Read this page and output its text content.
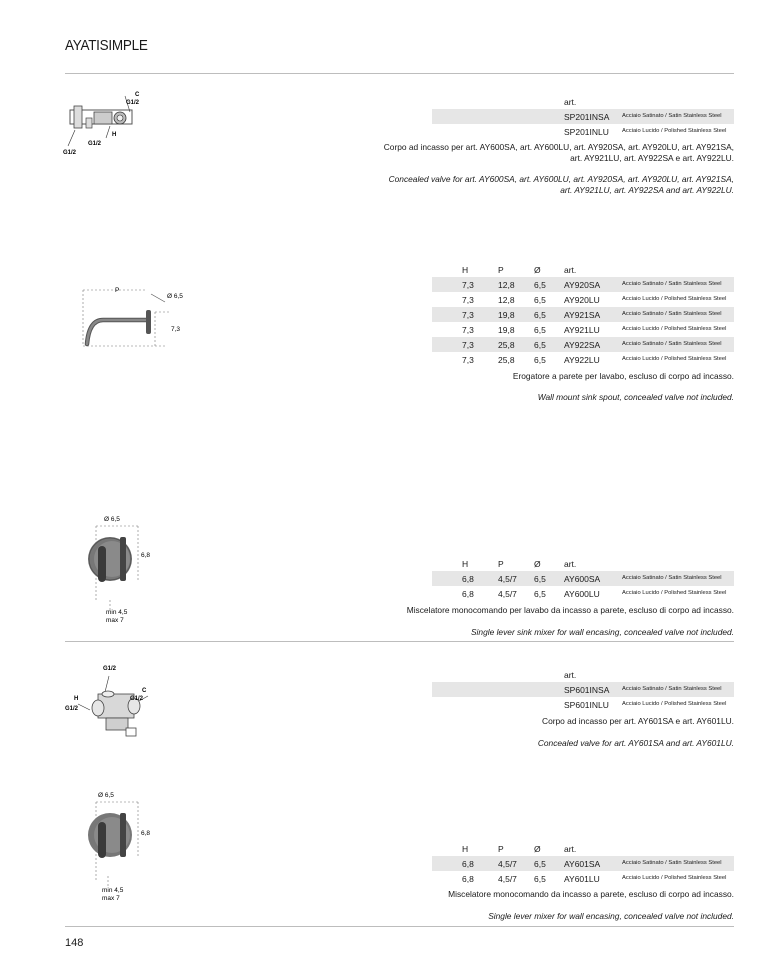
AYATISIMPLE
C
G1/2
H
G1/2
G1/2
art.
SP201INSA Acciaio Satinato / Satin Stainless Steel
SP201INLU Acciaio Lucido / Polished Stainless Steel
Corpo ad incasso per art. AY600SA, art. AY600LU, art. AY920SA, art. AY920LU, art. AY921SA,
art. AY921LU, art. AY922SA e art. AY922LU.
Concealed valve for art. AY600SA, art. AY600LU, art. AY920SA, art. AY920LU, art. AY921SA,
art. AY921LU, art. AY922SA and art. AY922LU.
P
Ø 6,5
7,3
H	P	Ø	art.
7,3	12,8 6,5 AY920SA	Acciaio Satinato / Satin Stainless Steel
7,3	12,8 6,5 AY920LU	Acciaio Lucido / Polished Stainless Steel
7,3	19,8 6,5 AY921SA	Acciaio Satinato / Satin Stainless Steel
7,3	19,8 6,5 AY921LU	Acciaio Lucido / Polished Stainless Steel
7,3	25,8 6,5 AY922SA	Acciaio Satinato / Satin Stainless Steel
7,3	25,8 6,5 AY922LU	Acciaio Lucido / Polished Stainless Steel
Erogatore a parete per lavabo, escluso di corpo ad incasso.
Wall mount sink spout, concealed valve not included.
Ø 6,5
6,8
min 4,5
max 7
H	P	Ø	art.
6,8	4,5/7 6,5 AY600SA	Acciaio Satinato / Satin Stainless Steel
6,8	4,5/7 6,5 AY600LU	Acciaio Lucido / Polished Stainless Steel
Miscelatore monocomando per lavabo da incasso a parete, escluso di corpo ad incasso.
Single lever sink mixer for wall encasing, concealed valve not included.
G1/2
C
H
G1/2
G1/2
art.
SP601INSA Acciaio Satinato / Satin Stainless Steel
SP601INLU Acciaio Lucido / Polished Stainless Steel
Corpo ad incasso per art. AY601SA e art. AY601LU.
Concealed valve for art. AY601SA and art. AY601LU.
Ø 6,5
6,8
min 4,5
max 7
H	P	Ø	art.
6,8	4,5/7 6,5 AY601SA	Acciaio Satinato / Satin Stainless Steel
6,8	4,5/7 6,5 AY601LU	Acciaio Lucido / Polished Stainless Steel
Miscelatore monocomando da incasso a parete, escluso di corpo ad incasso.
Single lever mixer for wall encasing, concealed valve not included.
148
